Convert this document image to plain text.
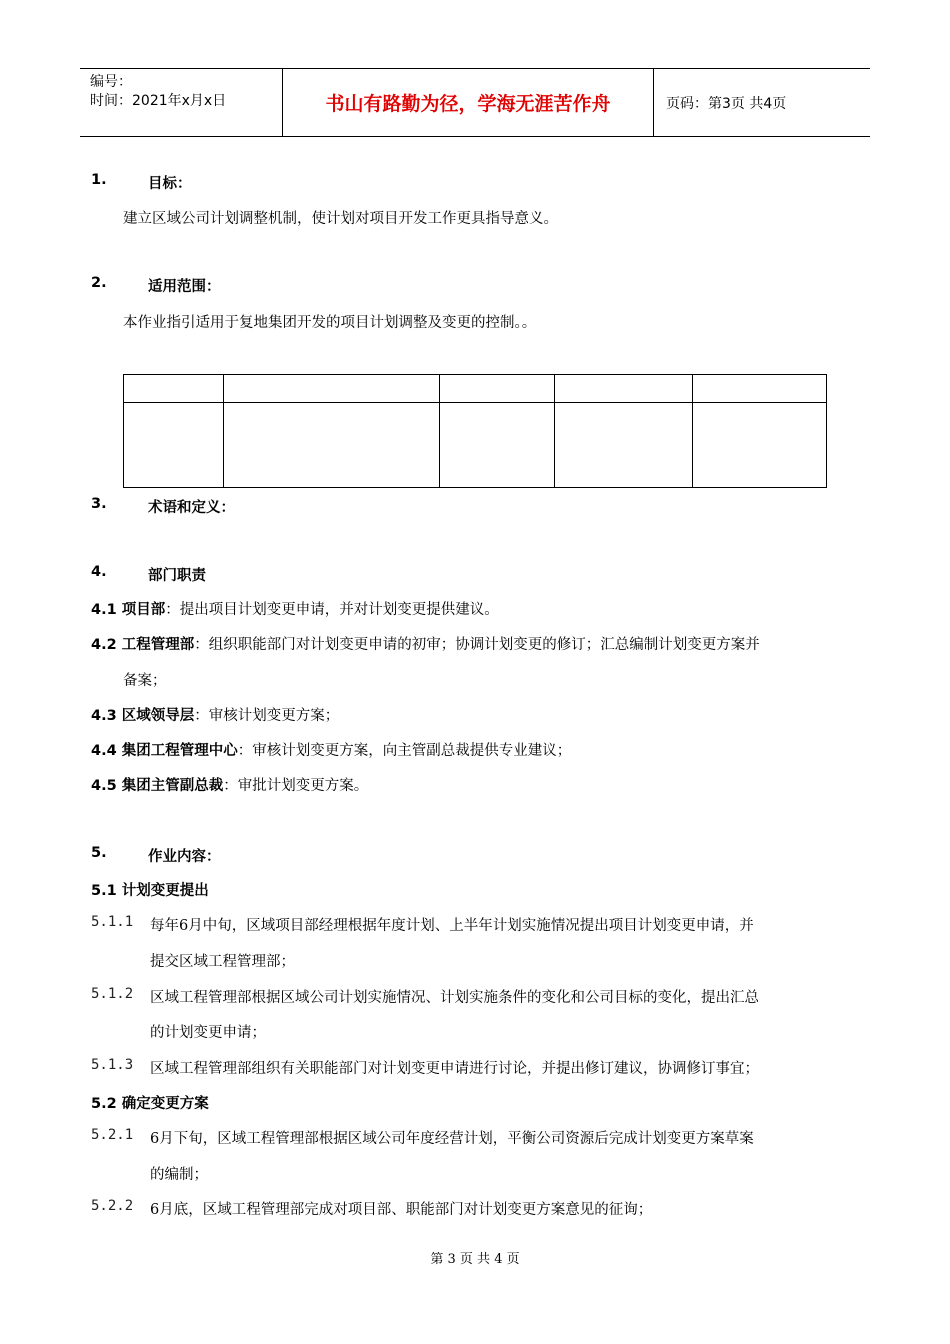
编号：
时间：2021年x月x日	书山有路勤为径，学海无涯苦作舟	页码：第3页 共4页
1.	目标：
建立区域公司计划调整机制，使计划对项目开发工作更具指导意义。
2.	适用范围：
本作业指引适用于复地集团开发的项目计划调整及变更的控制。。
3.	术语和定义：
4.	部门职责
4.1 项目部：提出项目计划变更申请，并对计划变更提供建议。
4.2 工程管理部：组织职能部门对计划变更申请的初审；协调计划变更的修订；汇总编制计划变更方案并
备案；
4.3 区域领导层：审核计划变更方案；
4.4 集团工程管理中心：审核计划变更方案，向主管副总裁提供专业建议；
4.5 集团主管副总裁：审批计划变更方案。
5.	作业内容：
5.1 计划变更提出
5.1.1 每年6月中旬，区域项目部经理根据年度计划、上半年计划实施情况提出项目计划变更申请，并
提交区域工程管理部；
5.1.2 区域工程管理部根据区域公司计划实施情况、计划实施条件的变化和公司目标的变化，提出汇总
的计划变更申请；
5.1.3 区域工程管理部组织有关职能部门对计划变更申请进行讨论，并提出修订建议，协调修订事宜；
5.2 确定变更方案
5.2.1 6月下旬，区域工程管理部根据区域公司年度经营计划，平衡公司资源后完成计划变更方案草案
的编制；
5.2.2 6月底，区域工程管理部完成对项目部、职能部门对计划变更方案意见的征询；
第 3 页 共 4 页
